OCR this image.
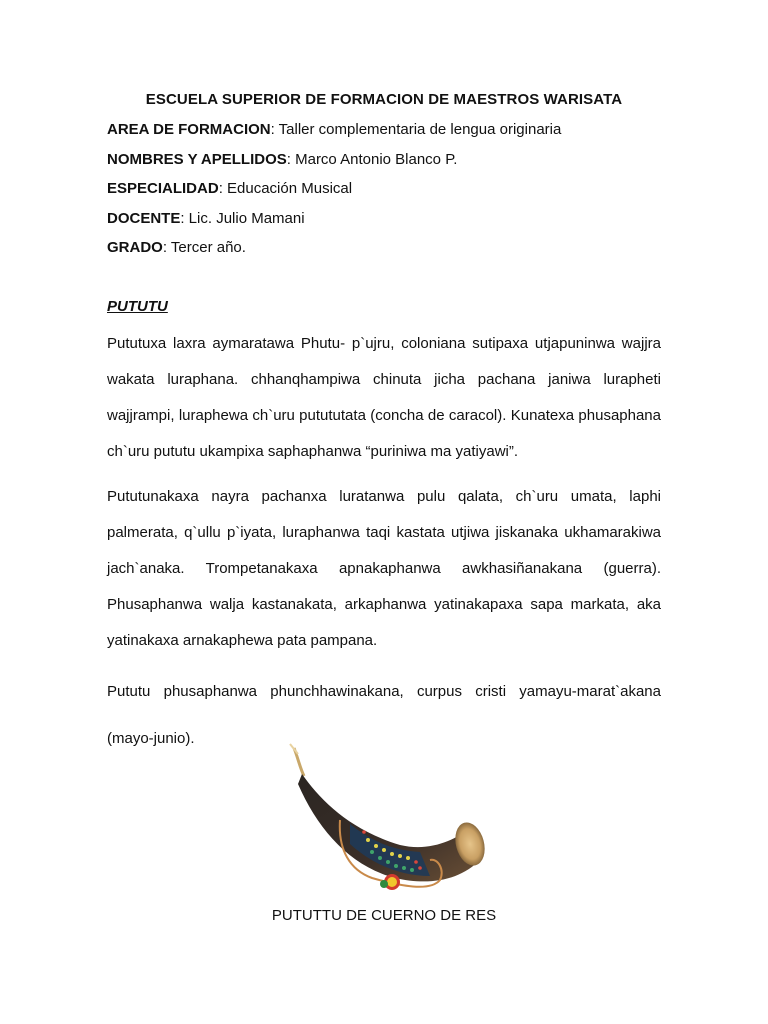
ESCUELA SUPERIOR DE FORMACION DE MAESTROS WARISATA
AREA DE FORMACION: Taller complementaria de lengua originaria
NOMBRES Y APELLIDOS: Marco Antonio Blanco P.
ESPECIALIDAD: Educación Musical
DOCENTE: Lic. Julio Mamani
GRADO: Tercer año.
PUTUTU
Pututuxa laxra aymaratawa Phutu- p`ujru, coloniana sutipaxa utjapuninwa wajjra wakata luraphana. chhanqhampiwa chinuta jicha pachana janiwa lurapheti wajjrampi, luraphewa ch`uru putututata (concha de caracol). Kunatexa phusaphana ch`uru pututu ukampixa saphaphanwa “puriniwa ma yatiyawi”.
Pututunakaxa nayra pachanxa luratanwa pulu qalata, ch`uru umata, laphi palmerata, q`ullu p`iyata, luraphanwa taqi kastata utjiwa jiskanaka ukhamarakiwa jach`anaka. Trompetanakaxa apnakaphanwa awkhasiñanakana (guerra). Phusaphanwa walja kastanakata, arkaphanwa yatinakapaxa sapa markata, aka yatinakaxa arnakaphewa pata pampana.
Pututu phusaphanwa phunchhawinakana, curpus cristi yamayu-marat`akana (mayo-junio).
PUTUTTU DE CUERNO DE RES
